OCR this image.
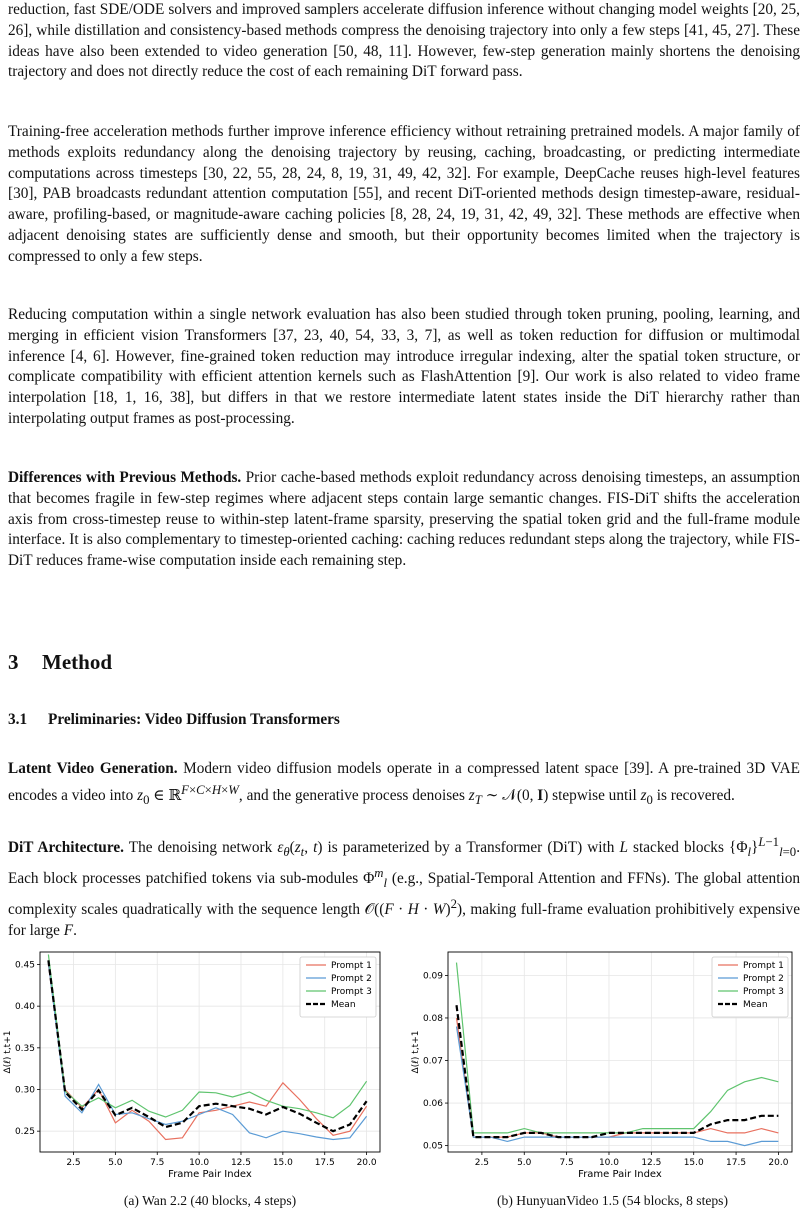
reduction, fast SDE/ODE solvers and improved samplers accelerate diffusion inference without changing model weights [20, 25, 26], while distillation and consistency-based methods compress the denoising trajectory into only a few steps [41, 45, 27]. These ideas have also been extended to video generation [50, 48, 11]. However, few-step generation mainly shortens the denoising trajectory and does not directly reduce the cost of each remaining DiT forward pass.

Training-free acceleration methods further improve inference efficiency without retraining pretrained models. A major family of methods exploits redundancy along the denoising trajectory by reusing, caching, broadcasting, or predicting intermediate computations across timesteps [30, 22, 55, 28, 24, 8, 19, 31, 49, 42, 32]. For example, DeepCache reuses high-level features [30], PAB broadcasts redundant attention computation [55], and recent DiT-oriented methods design timestep-aware, residual-aware, profiling-based, or magnitude-aware caching policies [8, 28, 24, 19, 31, 42, 49, 32]. These methods are effective when adjacent denoising states are sufficiently dense and smooth, but their opportunity becomes limited when the trajectory is compressed to only a few steps.

Reducing computation within a single network evaluation has also been studied through token pruning, pooling, learning, and merging in efficient vision Transformers [37, 23, 40, 54, 33, 3, 7], as well as token reduction for diffusion or multimodal inference [4, 6]. However, fine-grained token reduction may introduce irregular indexing, alter the spatial token structure, or complicate compatibility with efficient attention kernels such as FlashAttention [9]. Our work is also related to video frame interpolation [18, 1, 16, 38], but differs in that we restore intermediate latent states inside the DiT hierarchy rather than interpolating output frames as post-processing.

Differences with Previous Methods. Prior cache-based methods exploit redundancy across denoising timesteps, an assumption that becomes fragile in few-step regimes where adjacent steps contain large semantic changes. FIS-DiT shifts the acceleration axis from cross-timestep reuse to within-step latent-frame sparsity, preserving the spatial token grid and the full-frame module interface. It is also complementary to timestep-oriented caching: caching reduces redundant steps along the trajectory, while FIS-DiT reduces frame-wise computation inside each remaining step.

3 Method
3.1 Preliminaries: Video Diffusion Transformers

Latent Video Generation. Modern video diffusion models operate in a compressed latent space [39]. A pre-trained 3D VAE encodes a video into $z_0$ ∈ ℝ$^{F\times C\times H\times W}$, and the generative process denoises $z_T$ ∼ 𝒩(0, I) stepwise until $z_0$ is recovered.

DiT Architecture. The denoising network $\varepsilon_\theta(z_t$, t) is parameterized by a Transformer (DiT) with L stacked blocks $\{\Phi_l\}^{L-1}_{l=0}$. Each block processes patchified tokens via sub-modules $\Phi^m_l$ (e.g., Spatial-Temporal Attention and FFNs). The global attention complexity scales quadratically with the sequence length 𝒪((F · H · W)$^2$), making full-frame evaluation prohibitively expensive for large F.

2.5	5.0	7.5	10.0 12.5 15.0 17.5 20.0
0.25
0.30
0.35
0.40
0.45
Frame Pair Index
Δ(ℓ) t,t+1
Prompt 1
Prompt 2
Prompt 3
Mean
2.5	5.0	7.5	10.0 12.5 15.0 17.5 20.0
0.05
0.06
0.07
0.08
0.09
Frame Pair Index
Δ(ℓ) t,t+1
Prompt 1
Prompt 2
Prompt 3
Mean
(a) Wan 2.2 (40 blocks, 4 steps)	(b) HunyuanVideo 1.5 (54 blocks, 8 steps)
